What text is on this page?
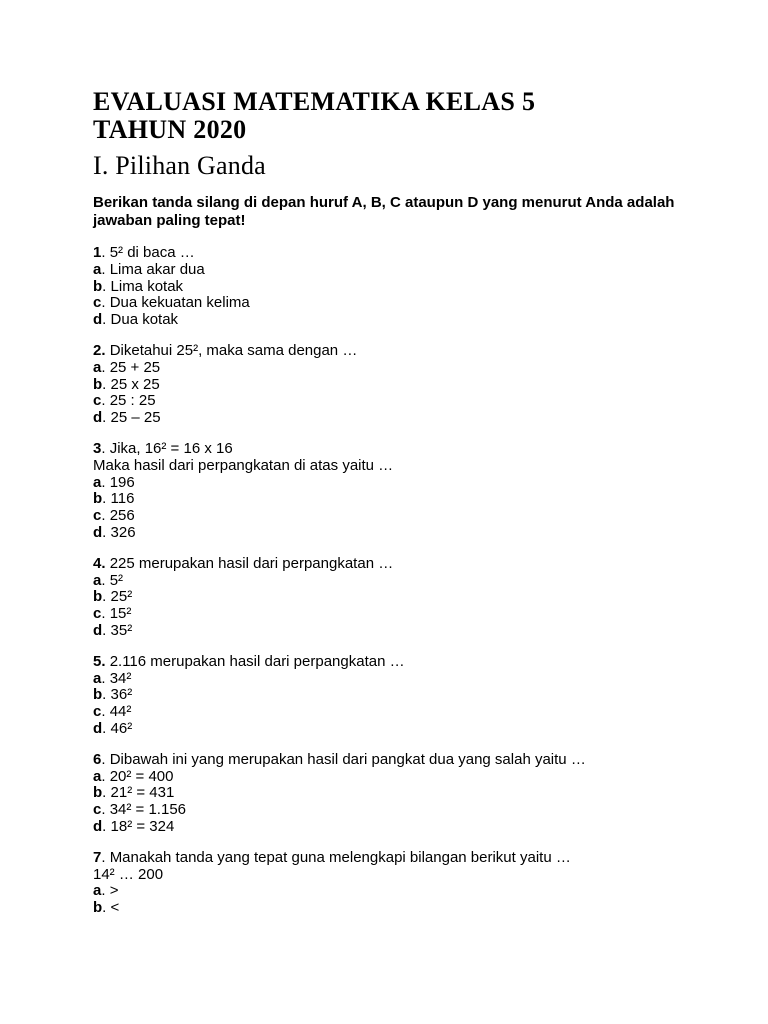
EVALUASI MATEMATIKA KELAS 5
TAHUN 2020
I. Pilihan Ganda

Berikan tanda silang di depan huruf A, B, C ataupun D yang menurut Anda adalah jawaban paling tepat!

1. 5² di baca …
a. Lima akar dua
b. Lima kotak
c. Dua kekuatan kelima
d. Dua kotak
2. Diketahui 25², maka sama dengan …
a. 25 + 25
b. 25 x 25
c. 25 : 25
d. 25 – 25
3. Jika, 16² = 16 x 16
Maka hasil dari perpangkatan di atas yaitu …
a. 196
b. 116
c. 256
d. 326
4. 225 merupakan hasil dari perpangkatan …
a. 5²
b. 25²
c. 15²
d. 35²
5. 2.116 merupakan hasil dari perpangkatan …
a. 34²
b. 36²
c. 44²
d. 46²
6. Dibawah ini yang merupakan hasil dari pangkat dua yang salah yaitu …
a. 20² = 400
b. 21² = 431
c. 34² = 1.156
d. 18² = 324
7. Manakah tanda yang tepat guna melengkapi bilangan berikut yaitu …
14² … 200
a. >
b. <
